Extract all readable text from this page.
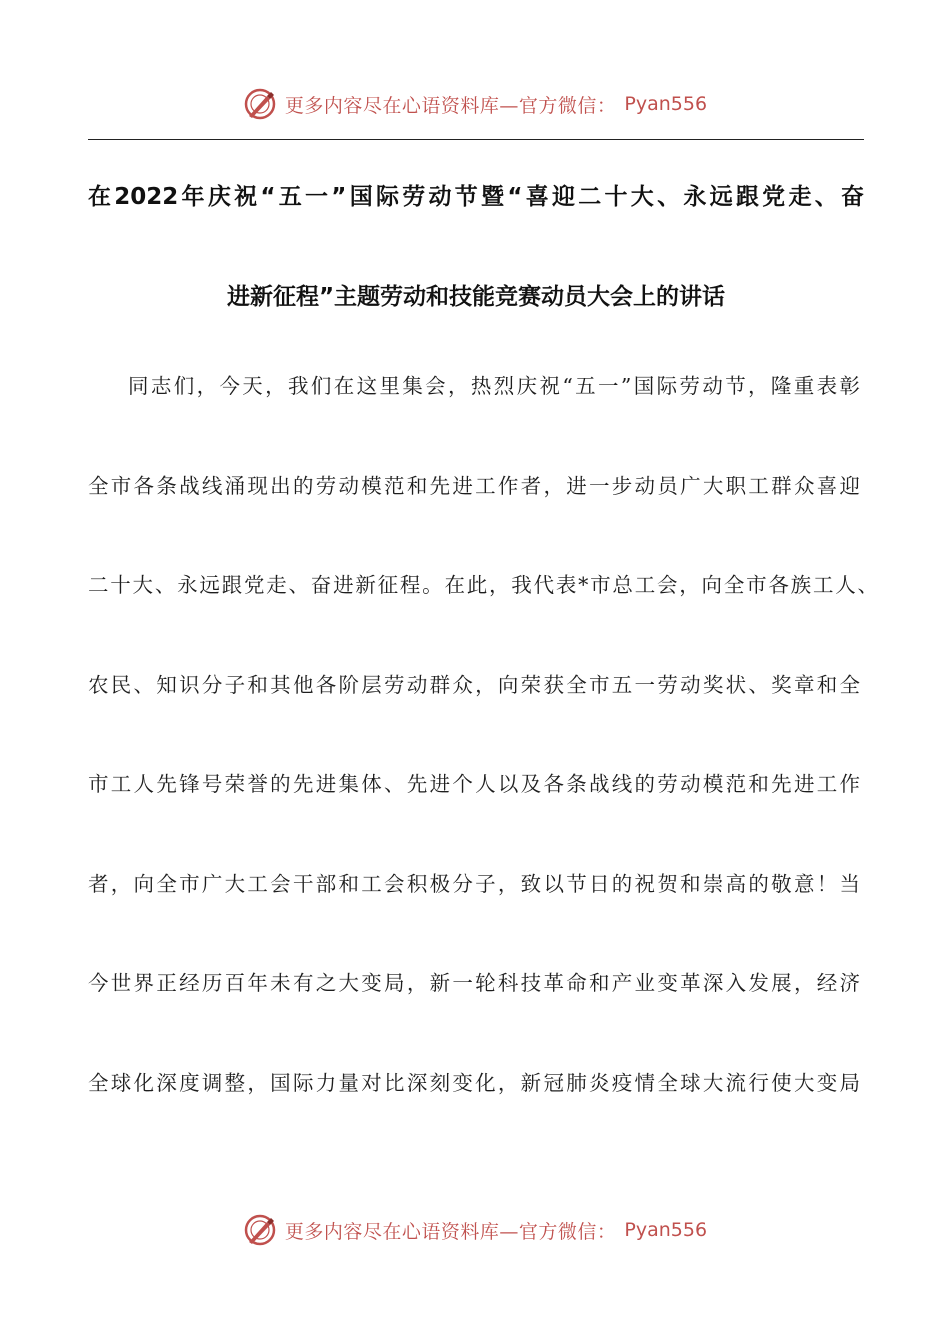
更多内容尽在心语资料库—官方微信： Pyan556
在2022年庆祝“五一”国际劳动节暨“喜迎二十大、永远跟党走、奋
进新征程”主题劳动和技能竞赛动员大会上的讲话
同志们，今天，我们在这里集会，热烈庆祝“五一”国际劳动节，隆重表彰
全市各条战线涌现出的劳动模范和先进工作者，进一步动员广大职工群众喜迎
二十大、永远跟党走、奋进新征程。在此，我代表*市总工会，向全市各族工人、
农民、知识分子和其他各阶层劳动群众，向荣获全市五一劳动奖状、奖章和全
市工人先锋号荣誉的先进集体、先进个人以及各条战线的劳动模范和先进工作
者，向全市广大工会干部和工会积极分子，致以节日的祝贺和崇高的敬意！当
今世界正经历百年未有之大变局，新一轮科技革命和产业变革深入发展，经济
全球化深度调整，国际力量对比深刻变化，新冠肺炎疫情全球大流行使大变局
更多内容尽在心语资料库—官方微信： Pyan556
